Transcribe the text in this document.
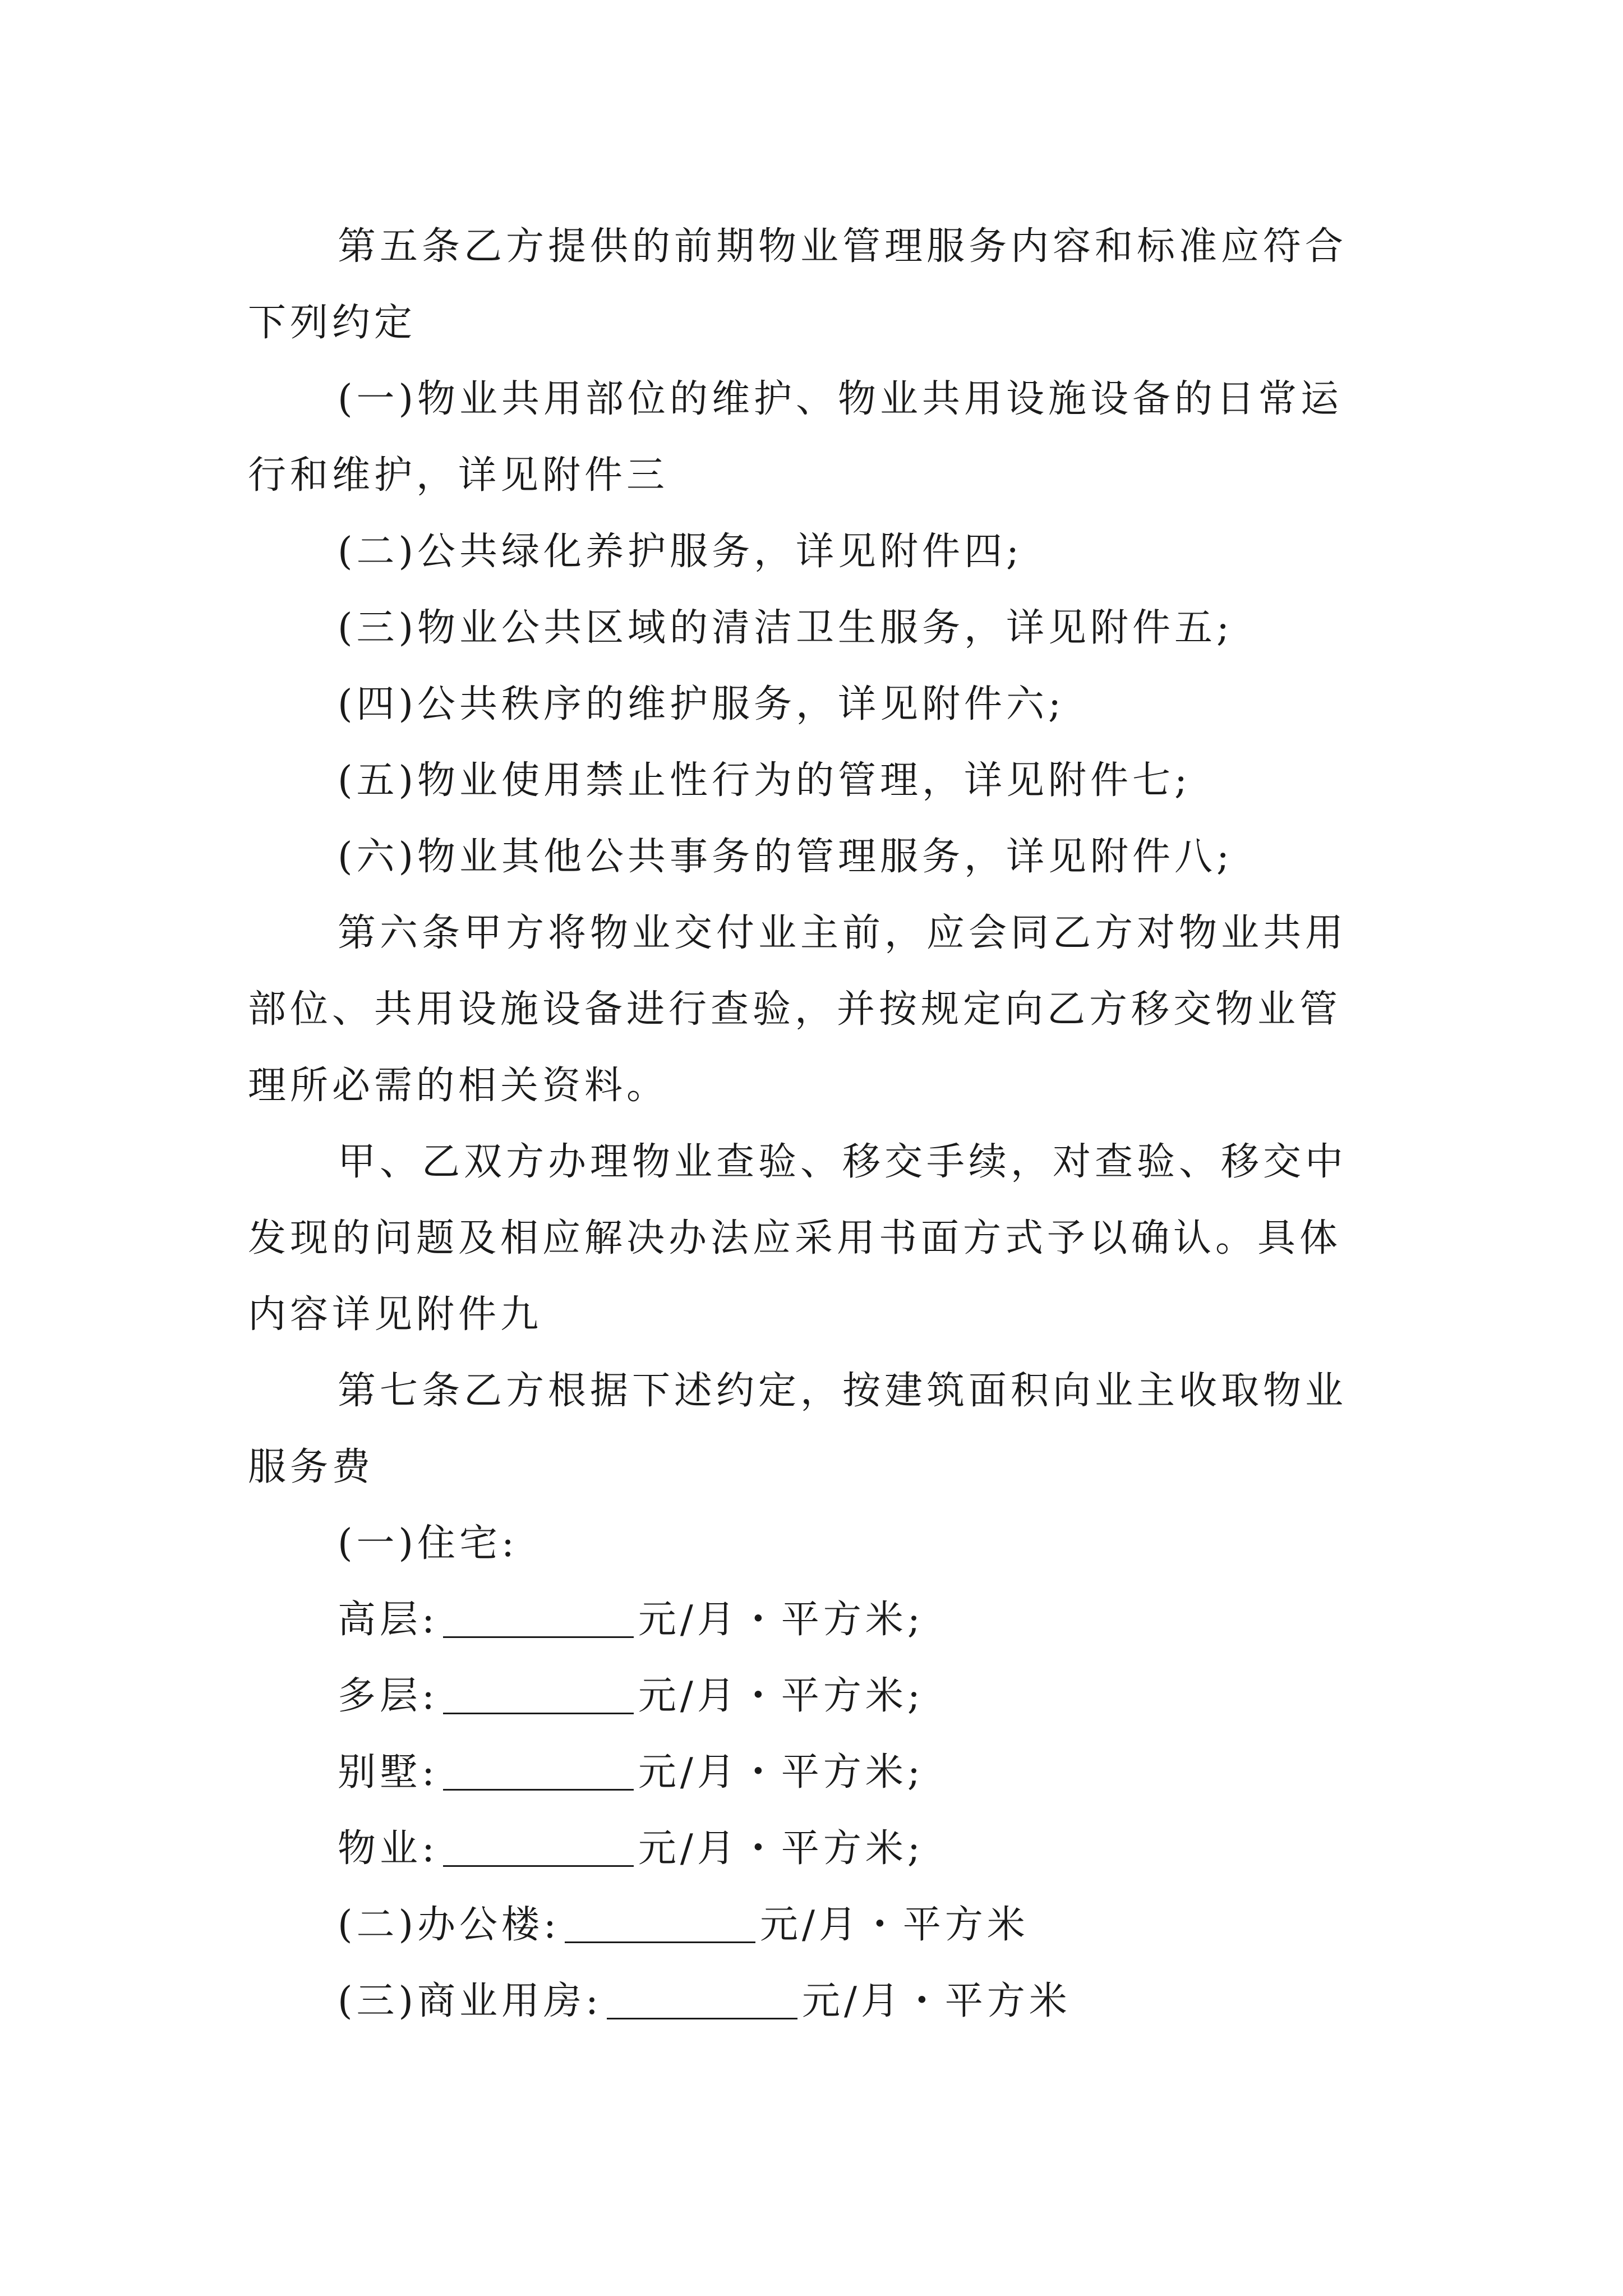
第五条乙方提供的前期物业管理服务内容和标准应符合下列约定

(一)物业共用部位的维护、物业共用设施设备的日常运行和维护，详见附件三

(二)公共绿化养护服务，详见附件四;

(三)物业公共区域的清洁卫生服务，详见附件五;

(四)公共秩序的维护服务，详见附件六;

(五)物业使用禁止性行为的管理，详见附件七;

(六)物业其他公共事务的管理服务，详见附件八;

第六条甲方将物业交付业主前，应会同乙方对物业共用部位、共用设施设备进行查验，并按规定向乙方移交物业管理所必需的相关资料。

甲、乙双方办理物业查验、移交手续，对查验、移交中发现的问题及相应解决办法应采用书面方式予以确认。具体内容详见附件九

第七条乙方根据下述约定，按建筑面积向业主收取物业服务费

(一)住宅:

高层:	元/月・平方米;

多层:	元/月・平方米;

别墅:	元/月・平方米;

物业:	元/月・平方米;

(二)办公楼:	元/月・平方米

(三)商业用房:	元/月・平方米
